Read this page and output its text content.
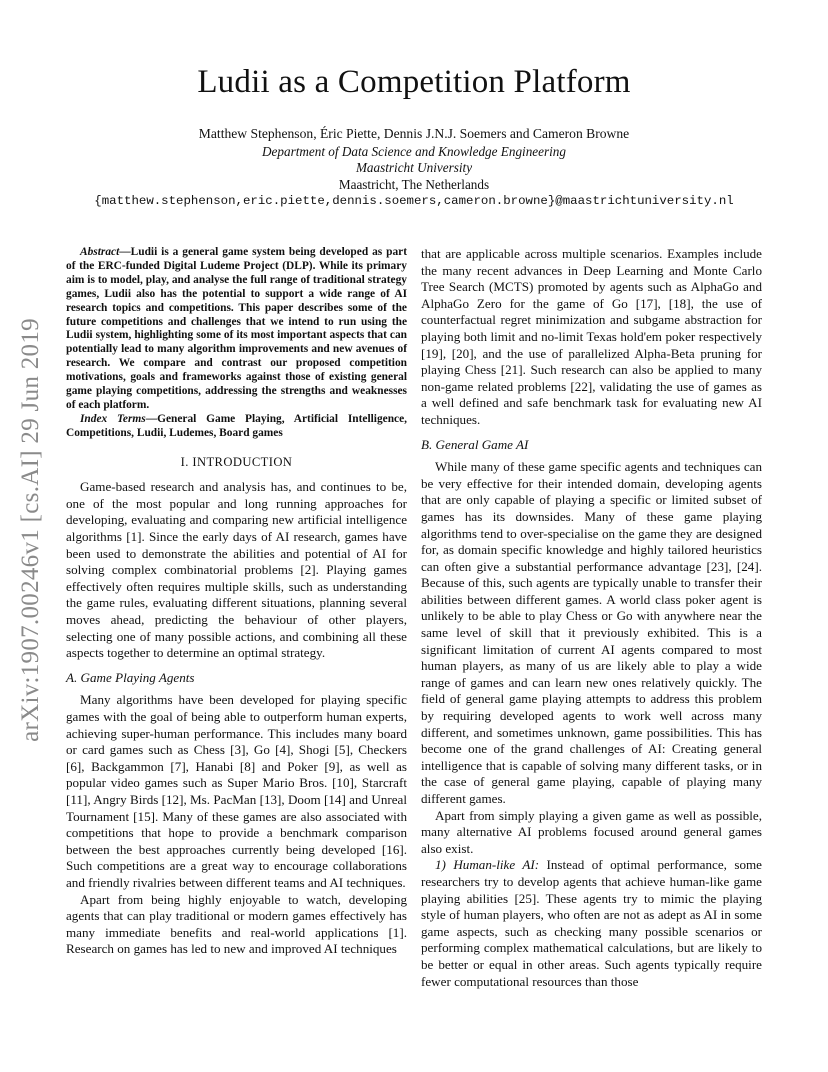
arXiv:1907.00246v1 [cs.AI] 29 Jun 2019
Ludii as a Competition Platform
Matthew Stephenson, Éric Piette, Dennis J.N.J. Soemers and Cameron Browne
Department of Data Science and Knowledge Engineering
Maastricht University
Maastricht, The Netherlands
{matthew.stephenson,eric.piette,dennis.soemers,cameron.browne}@maastrichtuniversity.nl

Abstract—Ludii is a general game system being developed as part of the ERC-funded Digital Ludeme Project (DLP). While its primary aim is to model, play, and analyse the full range of traditional strategy games, Ludii also has the potential to support a wide range of AI research topics and competitions. This paper describes some of the future competitions and challenges that we intend to run using the Ludii system, highlighting some of its most important aspects that can potentially lead to many algorithm improvements and new avenues of research. We compare and contrast our proposed competition motivations, goals and frameworks against those of existing general game playing competitions, addressing the strengths and weaknesses of each platform.

Index Terms—General Game Playing, Artificial Intelligence, Competitions, Ludii, Ludemes, Board games

I. INTRODUCTION

Game-based research and analysis has, and continues to be, one of the most popular and long running approaches for developing, evaluating and comparing new artificial intelligence algorithms [1]. Since the early days of AI research, games have been used to demonstrate the abilities and potential of AI for solving complex combinatorial problems [2]. Playing games effectively often requires multiple skills, such as understanding the game rules, evaluating different situations, planning several moves ahead, predicting the behaviour of other players, selecting one of many possible actions, and combining all these aspects together to determine an optimal strategy.

A. Game Playing Agents

Many algorithms have been developed for playing specific games with the goal of being able to outperform human experts, achieving super-human performance. This includes many board or card games such as Chess [3], Go [4], Shogi [5], Checkers [6], Backgammon [7], Hanabi [8] and Poker [9], as well as popular video games such as Super Mario Bros. [10], Starcraft [11], Angry Birds [12], Ms. PacMan [13], Doom [14] and Unreal Tournament [15]. Many of these games are also associated with competitions that hope to provide a benchmark comparison between the best approaches currently being developed [16]. Such competitions are a great way to encourage collaborations and friendly rivalries between different teams and AI techniques.

Apart from being highly enjoyable to watch, developing agents that can play traditional or modern games effectively has many immediate benefits and real-world applications [1]. Research on games has led to new and improved AI techniques

that are applicable across multiple scenarios. Examples include the many recent advances in Deep Learning and Monte Carlo Tree Search (MCTS) promoted by agents such as AlphaGo and AlphaGo Zero for the game of Go [17], [18], the use of counterfactual regret minimization and subgame abstraction for playing both limit and no-limit Texas hold'em poker respectively [19], [20], and the use of parallelized Alpha-Beta pruning for playing Chess [21]. Such research can also be applied to many non-game related problems [22], validating the use of games as a well defined and safe benchmark task for evaluating new AI techniques.

B. General Game AI

While many of these game specific agents and techniques can be very effective for their intended domain, developing agents that are only capable of playing a specific or limited subset of games has its downsides. Many of these game playing algorithms tend to over-specialise on the game they are designed for, as domain specific knowledge and highly tailored heuristics can often give a substantial performance advantage [23], [24]. Because of this, such agents are typically unable to transfer their abilities between different games. A world class poker agent is unlikely to be able to play Chess or Go with anywhere near the same level of skill that it previously exhibited. This is a significant limitation of current AI agents compared to most human players, as many of us are likely able to play a wide range of games and can learn new ones relatively quickly. The field of general game playing attempts to address this problem by requiring developed agents to work well across many different, and sometimes unknown, game possibilities. This has become one of the grand challenges of AI: Creating general intelligence that is capable of solving many different tasks, or in the case of general game playing, capable of playing many different games.

Apart from simply playing a given game as well as possible, many alternative AI problems focused around general games also exist.

1) Human-like AI: Instead of optimal performance, some researchers try to develop agents that achieve human-like game playing abilities [25]. These agents try to mimic the playing style of human players, who often are not as adept as AI in some game aspects, such as checking many possible scenarios or performing complex mathematical calculations, but are likely to be better or equal in other areas. Such agents typically require fewer computational resources than those
